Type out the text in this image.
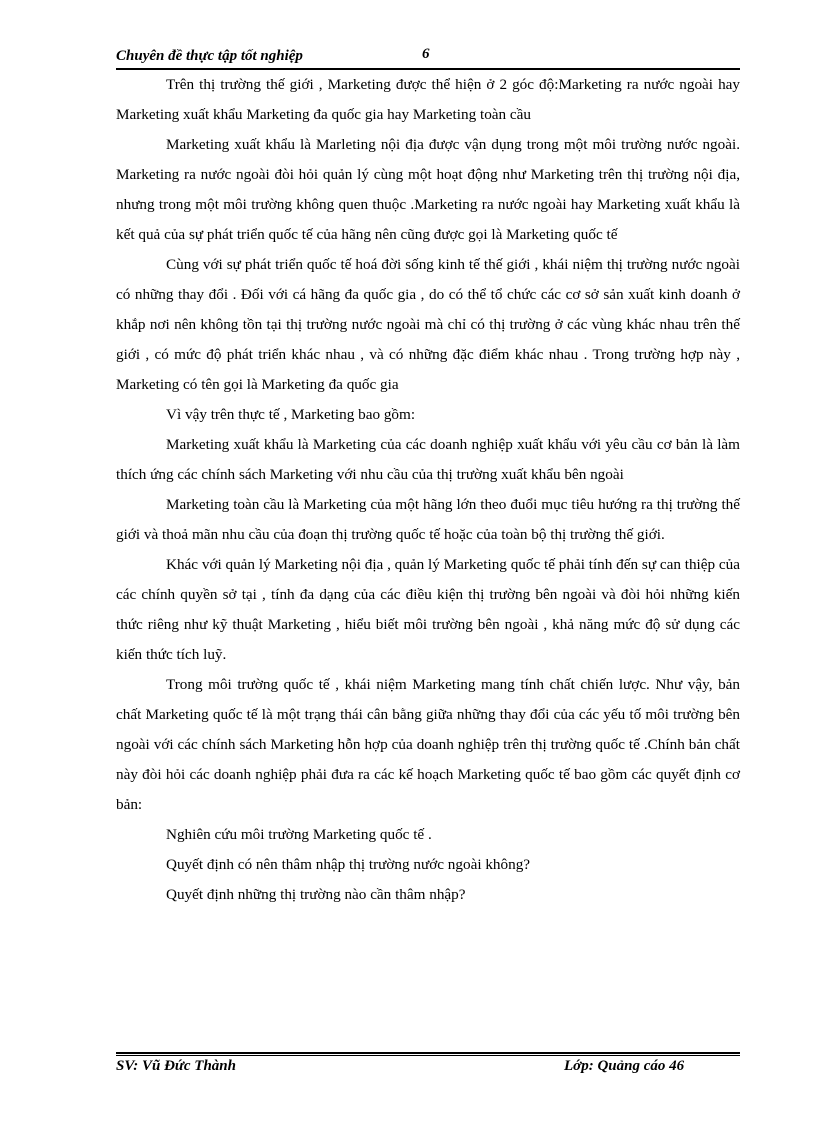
Chuyên đề thực tập tốt nghiệp	6

Trên thị trường thế giới , Marketing được thể hiện ở 2 góc độ:Marketing ra nước ngoài hay Marketing xuất khẩu Marketing đa quốc gia hay Marketing toàn cầu

Marketing xuất khẩu là Marleting nội địa được vận dụng trong một môi trường nước ngoài. Marketing ra nước ngoài đòi hỏi quản lý cùng một hoạt động như Marketing trên thị trường nội địa, nhưng trong một môi trường không quen thuộc .Marketing ra nước ngoài hay Marketing xuất khẩu là kết quả của sự phát triển quốc tế của hãng nên cũng được gọi là Marketing quốc tế

Cùng với sự phát triển quốc tế hoá đời sống kinh tế thế giới , khái niệm thị trường nước ngoài có những thay đổi . Đối với cá hãng đa quốc gia , do có thể tổ chức các cơ sở sản xuất kinh doanh ở khắp nơi nên không tồn tại thị trường nước ngoài mà chỉ có thị trường ở các vùng khác nhau trên thế giới , có mức độ phát triển khác nhau , và có những đặc điểm khác nhau . Trong trường hợp này , Marketing có tên gọi là Marketing đa quốc gia

Vì vậy trên thực tế , Marketing bao gồm:

Marketing xuất khẩu là Marketing của các doanh nghiệp xuất khẩu với yêu cầu cơ bản là làm thích ứng các chính sách Marketing với nhu cầu của thị trường xuất khẩu bên ngoài

Marketing toàn cầu là Marketing của một hãng lớn theo đuổi mục tiêu hướng ra thị trường thế giới và thoả mãn nhu cầu của đoạn thị trường quốc tế hoặc của toàn bộ thị trường thế giới.

Khác với quản lý Marketing nội địa , quản lý Marketing quốc tế phải tính đến sự can thiệp của các chính quyền sở tại , tính đa dạng của các điều kiện thị trường bên ngoài và đòi hỏi những kiến thức riêng như kỹ thuật Marketing , hiểu biết môi trường bên ngoài , khả năng mức độ sử dụng các kiến thức tích luỹ.

Trong môi trường quốc tế , khái niệm Marketing mang tính chất chiến lược. Như vậy, bản chất Marketing quốc tế là một trạng thái cân bằng giữa những thay đổi của các yếu tố môi trường bên ngoài với các chính sách Marketing hỗn hợp của doanh nghiệp trên thị trường quốc tế .Chính bản chất này đòi hỏi các doanh nghiệp phải đưa ra các kế hoạch Marketing quốc tế bao gồm các quyết định cơ bản:

Nghiên cứu môi trường Marketing quốc tế .

Quyết định có nên thâm nhập thị trường nước ngoài không?

Quyết định những thị trường nào cần thâm nhập?

SV: Vũ Đức Thành	Lớp: Quảng cáo 46
